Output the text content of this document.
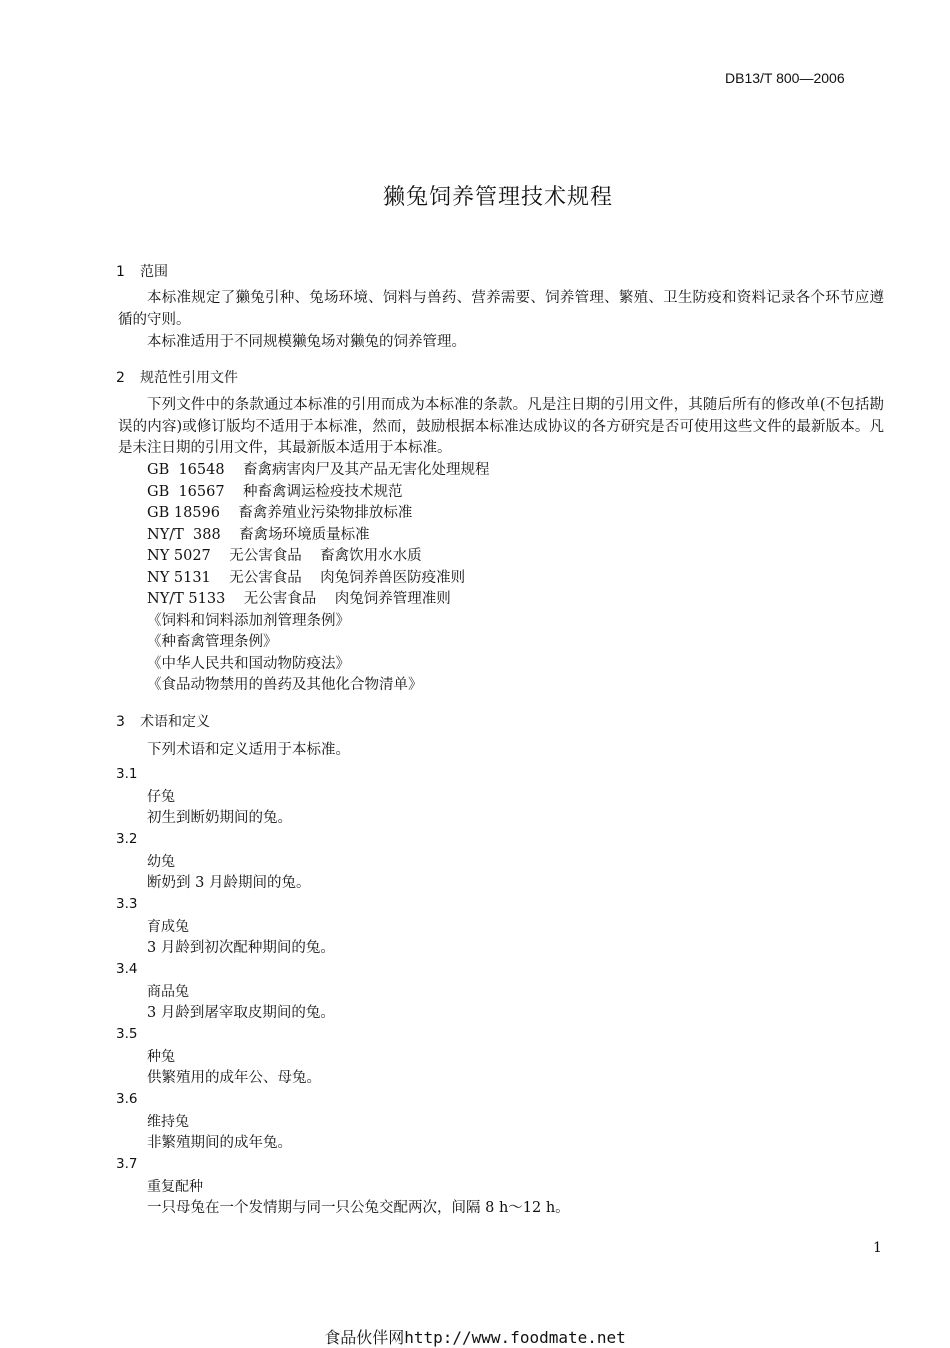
DB13/T 800—2006
獭兔饲养管理技术规程
1 范围
本标准规定了獭兔引种、兔场环境、饲料与兽药、营养需要、饲养管理、繁殖、卫生防疫和资料记录各个环节应遵循的守则。
本标准适用于不同规模獭兔场对獭兔的饲养管理。
2 规范性引用文件
下列文件中的条款通过本标准的引用而成为本标准的条款。凡是注日期的引用文件，其随后所有的修改单(不包括勘误的内容)或修订版均不适用于本标准，然而，鼓励根据本标准达成协议的各方研究是否可使用这些文件的最新版本。凡是未注日期的引用文件，其最新版本适用于本标准。
GB  16548    畜禽病害肉尸及其产品无害化处理规程
GB  16567    种畜禽调运检疫技术规范
GB 18596    畜禽养殖业污染物排放标准
NY/T  388    畜禽场环境质量标准
NY 5027    无公害食品    畜禽饮用水水质
NY 5131    无公害食品    肉兔饲养兽医防疫准则
NY/T 5133    无公害食品    肉兔饲养管理准则
《饲料和饲料添加剂管理条例》
《种畜禽管理条例》
《中华人民共和国动物防疫法》
《食品动物禁用的兽药及其他化合物清单》
3 术语和定义
下列术语和定义适用于本标准。
3.1
仔兔
初生到断奶期间的兔。
3.2
幼兔
断奶到 3 月龄期间的兔。
3.3
育成兔
3 月龄到初次配种期间的兔。
3.4
商品兔
3 月龄到屠宰取皮期间的兔。
3.5
种兔
供繁殖用的成年公、母兔。
3.6
维持兔
非繁殖期间的成年兔。
3.7
重复配种
一只母兔在一个发情期与同一只公兔交配两次，间隔 8 h～12 h。
1
食品伙伴网http://www.foodmate.net
